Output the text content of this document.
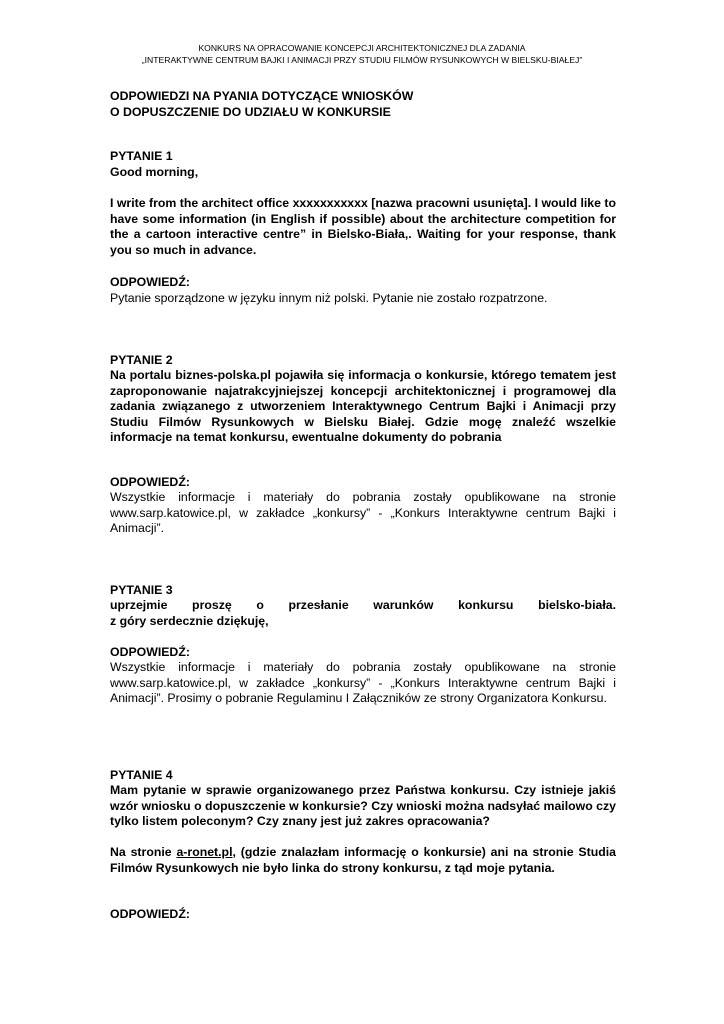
KONKURS NA OPRACOWANIE KONCEPCJI ARCHITEKTONICZNEJ DLA ZADANIA
„INTERAKTYWNE CENTRUM BAJKI I ANIMACJI PRZY STUDIU FILMÓW RYSUNKOWYCH W BIELSKU-BIAŁEJ”
ODPOWIEDZI NA PYANIA DOTYCZĄCE WNIOSKÓW
O DOPUSZCZENIE DO UDZIAŁU W KONKURSIE
PYTANIE 1
Good morning,

I write from the architect office xxxxxxxxxxx [nazwa pracowni usunięta]. I would like to have some information (in English if possible) about the architecture competition for the a cartoon interactive centre” in Bielsko-Biała,. Waiting for your response, thank you so much in advance.

ODPOWIEDŹ:

Pytanie sporządzone w języku innym niż polski. Pytanie nie zostało rozpatrzone.

PYTANIE 2

Na portalu biznes-polska.pl pojawiła się informacja o konkursie, którego tematem jest zaproponowanie najatrakcyjniejszej koncepcji architektonicznej i programowej dla zadania związanego z utworzeniem Interaktywnego Centrum Bajki i Animacji przy Studiu Filmów Rysunkowych w Bielsku Białej. Gdzie mogę znaleźć wszelkie informacje na temat konkursu, ewentualne dokumenty do pobrania

ODPOWIEDŹ:

Wszystkie informacje i materiały do pobrania zostały opublikowane na stronie www.sarp.katowice.pl, w zakładce „konkursy” - „Konkurs Interaktywne centrum Bajki i Animacji”.

PYTANIE 3
uprzejmie proszę o przesłanie warunków konkursu bielsko-biała.
z góry serdecznie dziękuję,
ODPOWIEDŹ:

Wszystkie informacje i materiały do pobrania zostały opublikowane na stronie www.sarp.katowice.pl, w zakładce „konkursy” - „Konkurs Interaktywne centrum Bajki i Animacji”. Prosimy o pobranie Regulaminu I Załączników ze strony Organizatora Konkursu.

PYTANIE 4

Mam pytanie w sprawie organizowanego przez Państwa konkursu. Czy istnieje jakiś wzór wniosku o dopuszczenie w konkursie? Czy wnioski można nadsyłać mailowo czy tylko listem poleconym? Czy znany jest już zakres opracowania?

Na stronie a-ronet.pl, (gdzie znalazłam informację o konkursie) ani na stronie Studia Filmów Rysunkowych nie było linka do strony konkursu, z tąd moje pytania.

ODPOWIEDŹ:
